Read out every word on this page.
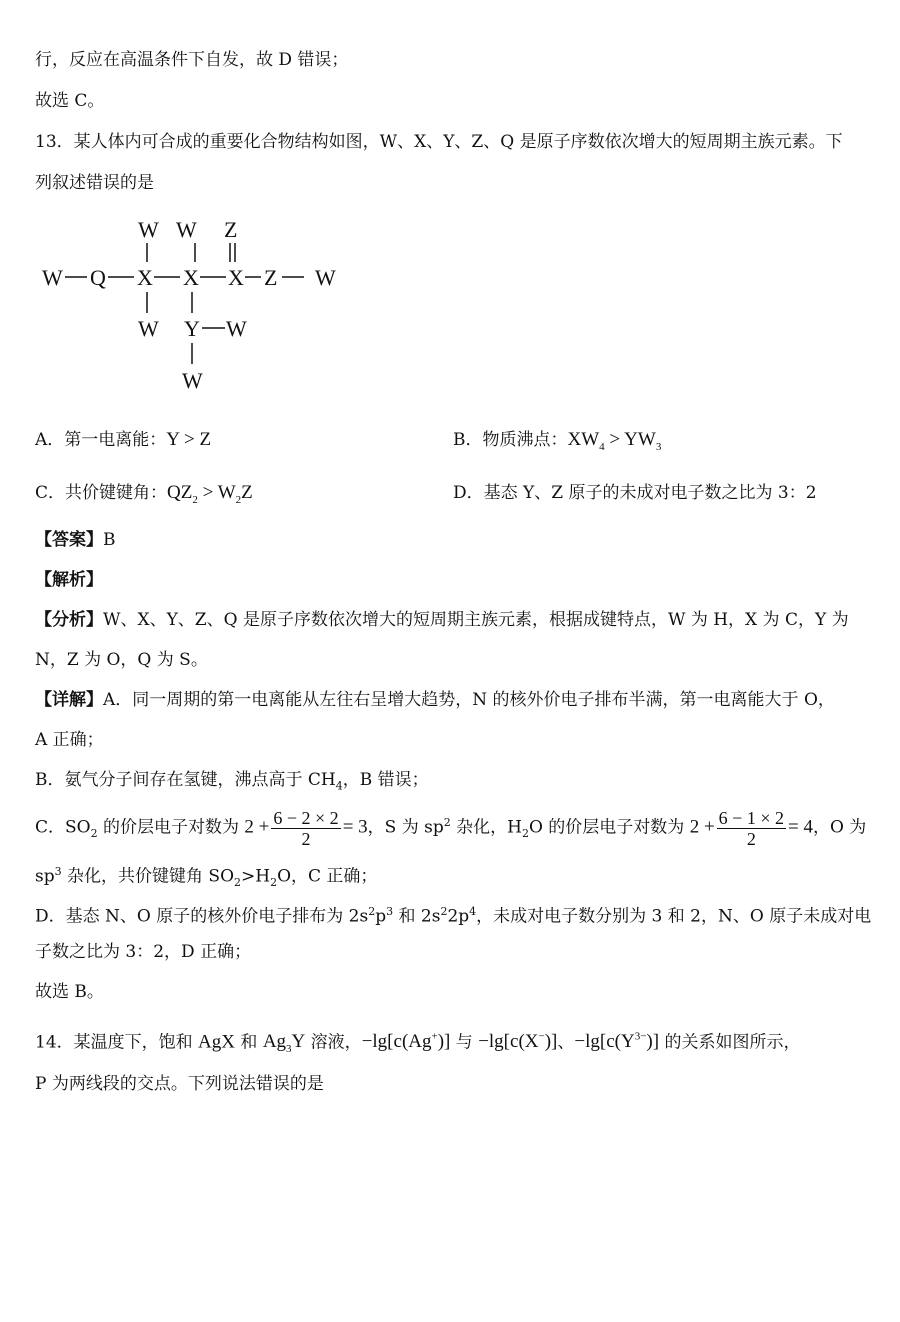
行，反应在高温条件下自发，故 D 错误；
故选 C。
13．某人体内可合成的重要化合物结构如图，W、X、Y、Z、Q 是原子序数依次增大的短周期主族元素。下
列叙述错误的是
W W Z
W Q X X X Z W
W Y W
W
A．第一电离能：Y > Z	B．物质沸点：$XW_4 > YW_3$
C．共价键键角：$QZ_2 > W_2Z$	D．基态 Y、Z 原子的未成对电子数之比为 3：2
【答案】B
【解析】
【分析】W、X、Y、Z、Q 是原子序数依次增大的短周期主族元素，根据成键特点，W 为 H，X 为 C，Y 为
N，Z 为 O，Q 为 S。
【详解】A．同一周期的第一电离能从左往右呈增大趋势，N 的核外价电子排布半满，第一电离能大于 O，
A 正确；
B．氨气分子间存在氢键，沸点高于 $CH_4$，B 错误；
C．$SO_2$ 的价层电子对数为 $2 + \frac{6 - 2 \times 2}{2} = 3$，S 为 $sp^2$ 杂化，$H_2O$ 的价层电子对数为 $2 + \frac{6 - 1 \times 2}{2} = 4$，O 为
$sp^3$ 杂化，共价键键角 $SO_2>H_2O$，C 正确；
D．基态 N、O 原子的核外价电子排布为 $2s^2p^3$ 和 $2s^22p^4$，未成对电子数分别为 3 和 2，N、O 原子未成对电
子数之比为 3：2，D 正确；
故选 B。
14．某温度下，饱和 AgX 和 $Ag_3Y$ 溶液，−lg[c(Ag+)] 与 −lg[c(X−)]、$-\lg[c(Y^{3-})]$ 的关系如图所示，
P 为两线段的交点。下列说法错误的是
